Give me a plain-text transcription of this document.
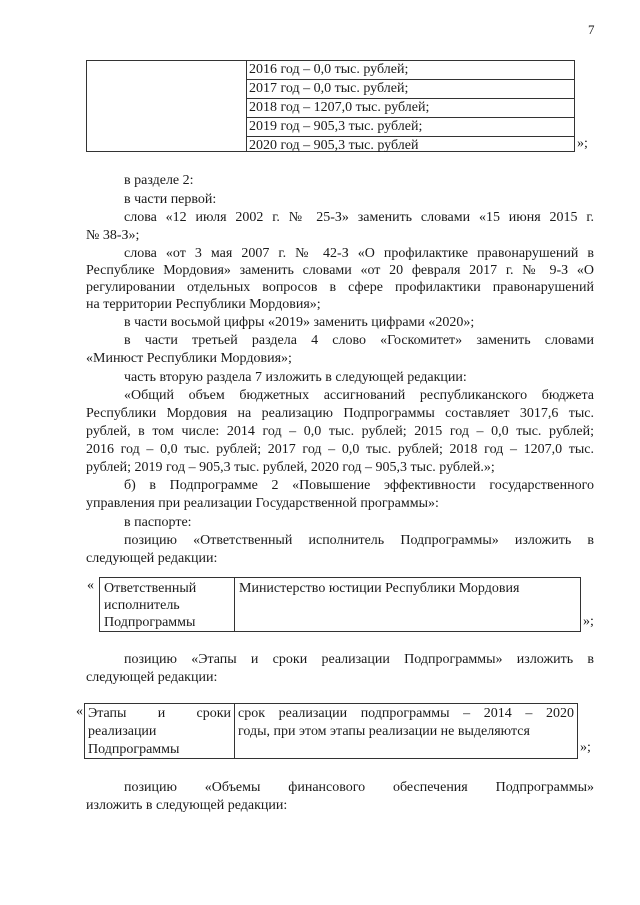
7
2016 год – 0,0 тыс. рублей;
2017 год – 0,0 тыс. рублей;
2018 год – 1207,0 тыс. рублей;
2019 год – 905,3 тыс. рублей;
2020 год – 905,3 тыс. рублей	»;
в разделе 2:
в части первой:
слова «12 июля 2002 г. № 25-З» заменить словами «15 июня 2015 г.
№ 38-З»;
слова «от 3 мая 2007 г. № 42-З «О профилактике правонарушений в
Республике Мордовия» заменить словами «от 20 февраля 2017 г. № 9-З «О
регулировании отдельных вопросов в сфере профилактики правонарушений
на территории Республики Мордовия»;
в части восьмой цифры «2019» заменить цифрами «2020»;
в части третьей раздела 4 слово «Госкомитет» заменить словами
«Минюст Республики Мордовия»;
часть вторую раздела 7 изложить в следующей редакции:
«Общий объем бюджетных ассигнований республиканского бюджета
Республики Мордовия на реализацию Подпрограммы составляет 3017,6 тыс.
рублей, в том числе: 2014 год – 0,0 тыс. рублей; 2015 год – 0,0 тыс. рублей;
2016 год – 0,0 тыс. рублей; 2017 год – 0,0 тыс. рублей; 2018 год – 1207,0 тыс.
рублей; 2019 год – 905,3 тыс. рублей, 2020 год – 905,3 тыс. рублей.»;
б) в Подпрограмме 2 «Повышение эффективности государственного
управления при реализации Государственной программы»:
в паспорте:
позицию «Ответственный исполнитель Подпрограммы» изложить в
следующей редакции:
« Ответственный
исполнитель
Подпрограммы
Министерство юстиции Республики Мордовия
»;
позицию «Этапы и сроки реализации Подпрограммы» изложить в
следующей редакции:
« Этапы и сроки
реализации
Подпрограммы
срок реализации подпрограммы – 2014 – 2020
годы, при этом этапы реализации не выделяются
»;
позицию «Объемы финансового обеспечения Подпрограммы»
изложить в следующей редакции:
